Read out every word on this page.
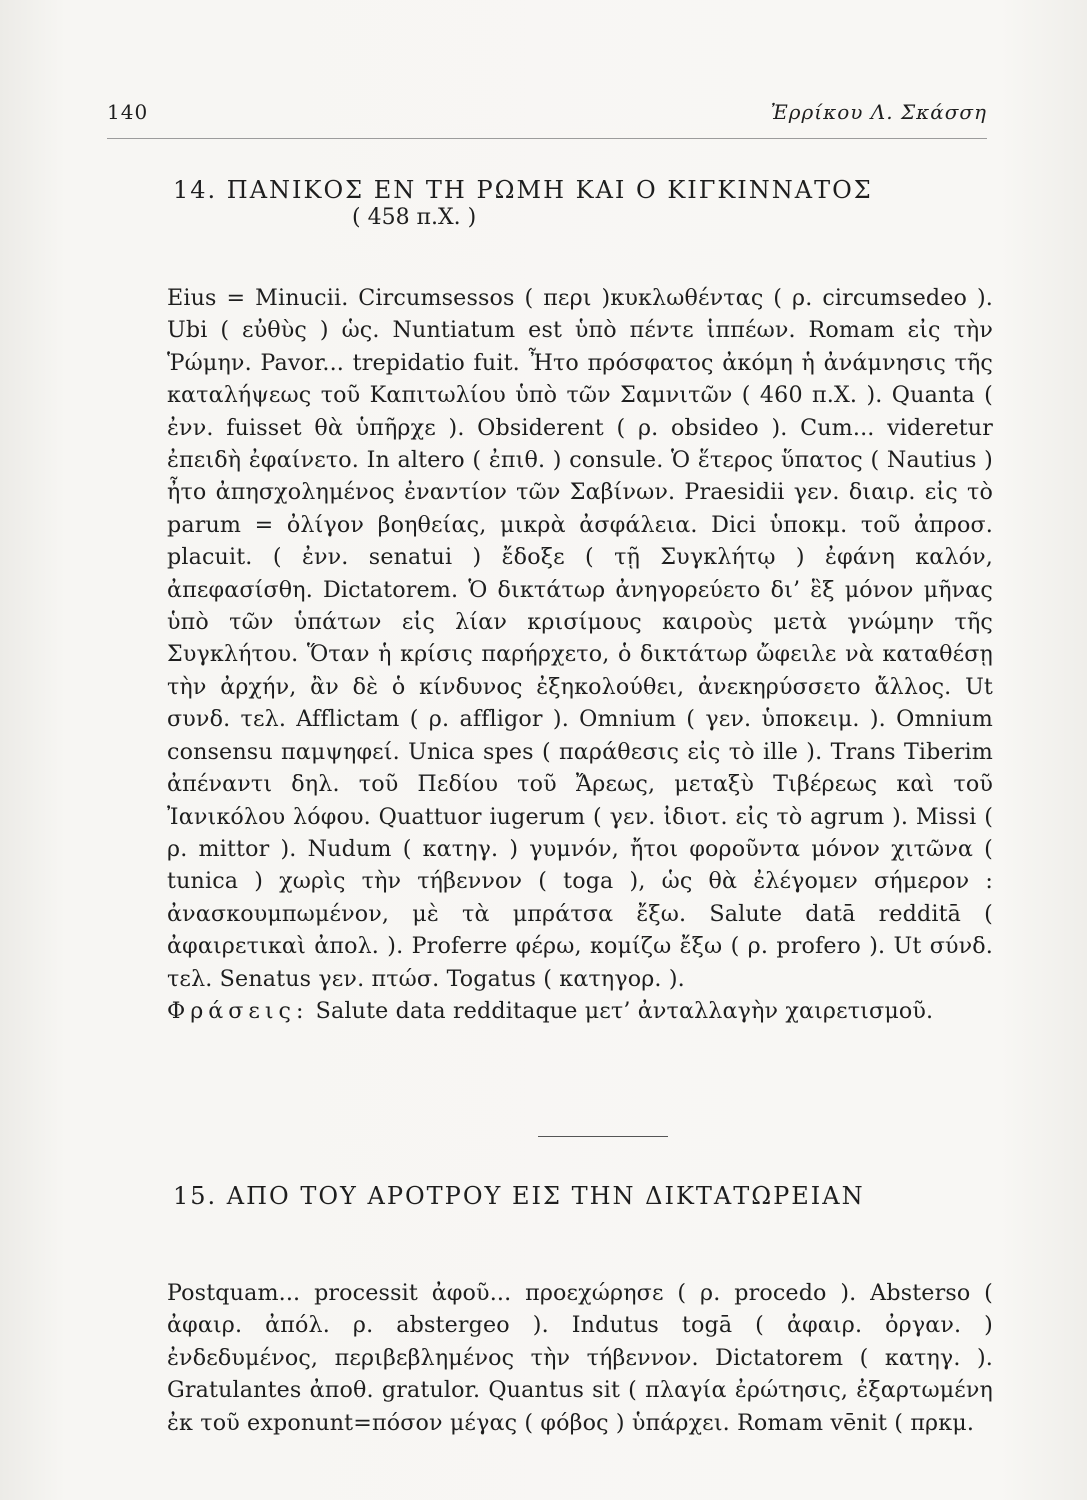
140	Ἐρρίκου Λ. Σκάσση
14. ΠΑΝΙΚΟΣ ΕΝ ΤΗ ΡΩΜΗ ΚΑΙ Ο ΚΙΓΚΙΝΝΑΤΟΣ
( 458 π.Χ. )
Eius = Minucii. Circumsessos ( περι )κυκλωθέντας ( ρ. circumsedeo ). Ubi ( εὐθὺς ) ὡς. Nuntiatum est ὑπὸ πέντε ἱππέων. Romam εἰς τὴν Ῥώμην. Pavor... trepidatio fuit. Ἦτο πρόσφατος ἀκόμη ἡ ἀνάμνησις τῆς καταλήψεως τοῦ Καπιτωλίου ὑπὸ τῶν Σαμνιτῶν ( 460 π.Χ. ). Quanta ( ἐνν. fuisset θὰ ὑπῆρχε ). Obsiderent ( ρ. obsideo ). Cum... videretur ἐπειδὴ ἐφαίνετο. In altero ( ἐπιθ. ) consule. Ὁ ἕτερος ὕπατος ( Nautius ) ἦτο ἀπησχολημένος ἐναντίον τῶν Σαβίνων. Praesidii γεν. διαιρ. εἰς τὸ parum = ὀλίγον βοηθείας, μικρὰ ἀσφάλεια. Dici ὑποκμ. τοῦ ἀπροσ. placuit. ( ἐνν. senatui ) ἔδοξε ( τῇ Συγκλήτῳ ) ἐφάνη καλόν, ἀπεφασίσθη. Dictatorem. Ὁ δικτάτωρ ἀνηγορεύετο δι’ ἓξ μόνον μῆνας ὑπὸ τῶν ὑπάτων εἰς λίαν κρισίμους καιροὺς μετὰ γνώμην τῆς Συγκλήτου. Ὅταν ἡ κρίσις παρήρχετο, ὁ δικτάτωρ ὤφειλε νὰ καταθέσῃ τὴν ἀρχήν, ἂν δὲ ὁ κίνδυνος ἐξηκολούθει, ἀνεκηρύσσετο ἄλλος. Ut συνδ. τελ. Afflictam ( ρ. affligor ). Omnium ( γεν. ὑποκειμ. ). Omnium consensu παμψηφεί. Unica spes ( παράθεσις εἰς τὸ ille ). Trans Tiberim ἀπέναντι δηλ. τοῦ Πεδίου τοῦ Ἄρεως, μεταξὺ Τιβέρεως καὶ τοῦ Ἰανικόλου λόφου. Quattuor iugerum ( γεν. ἰδιοτ. εἰς τὸ agrum ). Missi ( ρ. mittor ). Nudum ( κατηγ. ) γυμνόν, ἤτοι φοροῦντα μόνον χιτῶνα ( tunica ) χωρὶς τὴν τήβεννον ( toga ), ὡς θὰ ἐλέγομεν σήμερον : ἀνασκουμπωμένον, μὲ τὰ μπράτσα ἔξω. Salute datā redditā ( ἀφαιρετικαὶ ἀπολ. ). Proferre φέρω, κομίζω ἔξω ( ρ. profero ). Ut σύνδ. τελ. Senatus γεν. πτώσ. Togatus ( κατηγορ. ).
Φράσεις: Salute data redditaque μετ’ ἀνταλλαγὴν χαιρετισμοῦ.
15. ΑΠΟ ΤΟΥ ΑΡΟΤΡΟΥ ΕΙΣ ΤΗΝ ΔΙΚΤΑΤΩΡΕΙΑΝ
Postquam... processit ἀφοῦ... προεχώρησε ( ρ. procedo ). Absterso ( ἀφαιρ. ἀπόλ. ρ. abstergeo ). Indutus togā ( ἀφαιρ. ὀργαν. ) ἐνδεδυμένος, περιβεβλημένος τὴν τήβεννον. Dictatorem ( κατηγ. ). Gratulantes ἀποθ. gratulor. Quantus sit ( πλαγία ἐρώτησις, ἐξαρτωμένη ἐκ τοῦ exponunt=πόσον μέγας ( φόβος ) ὑπάρχει. Romam vēnit ( πρκμ.
